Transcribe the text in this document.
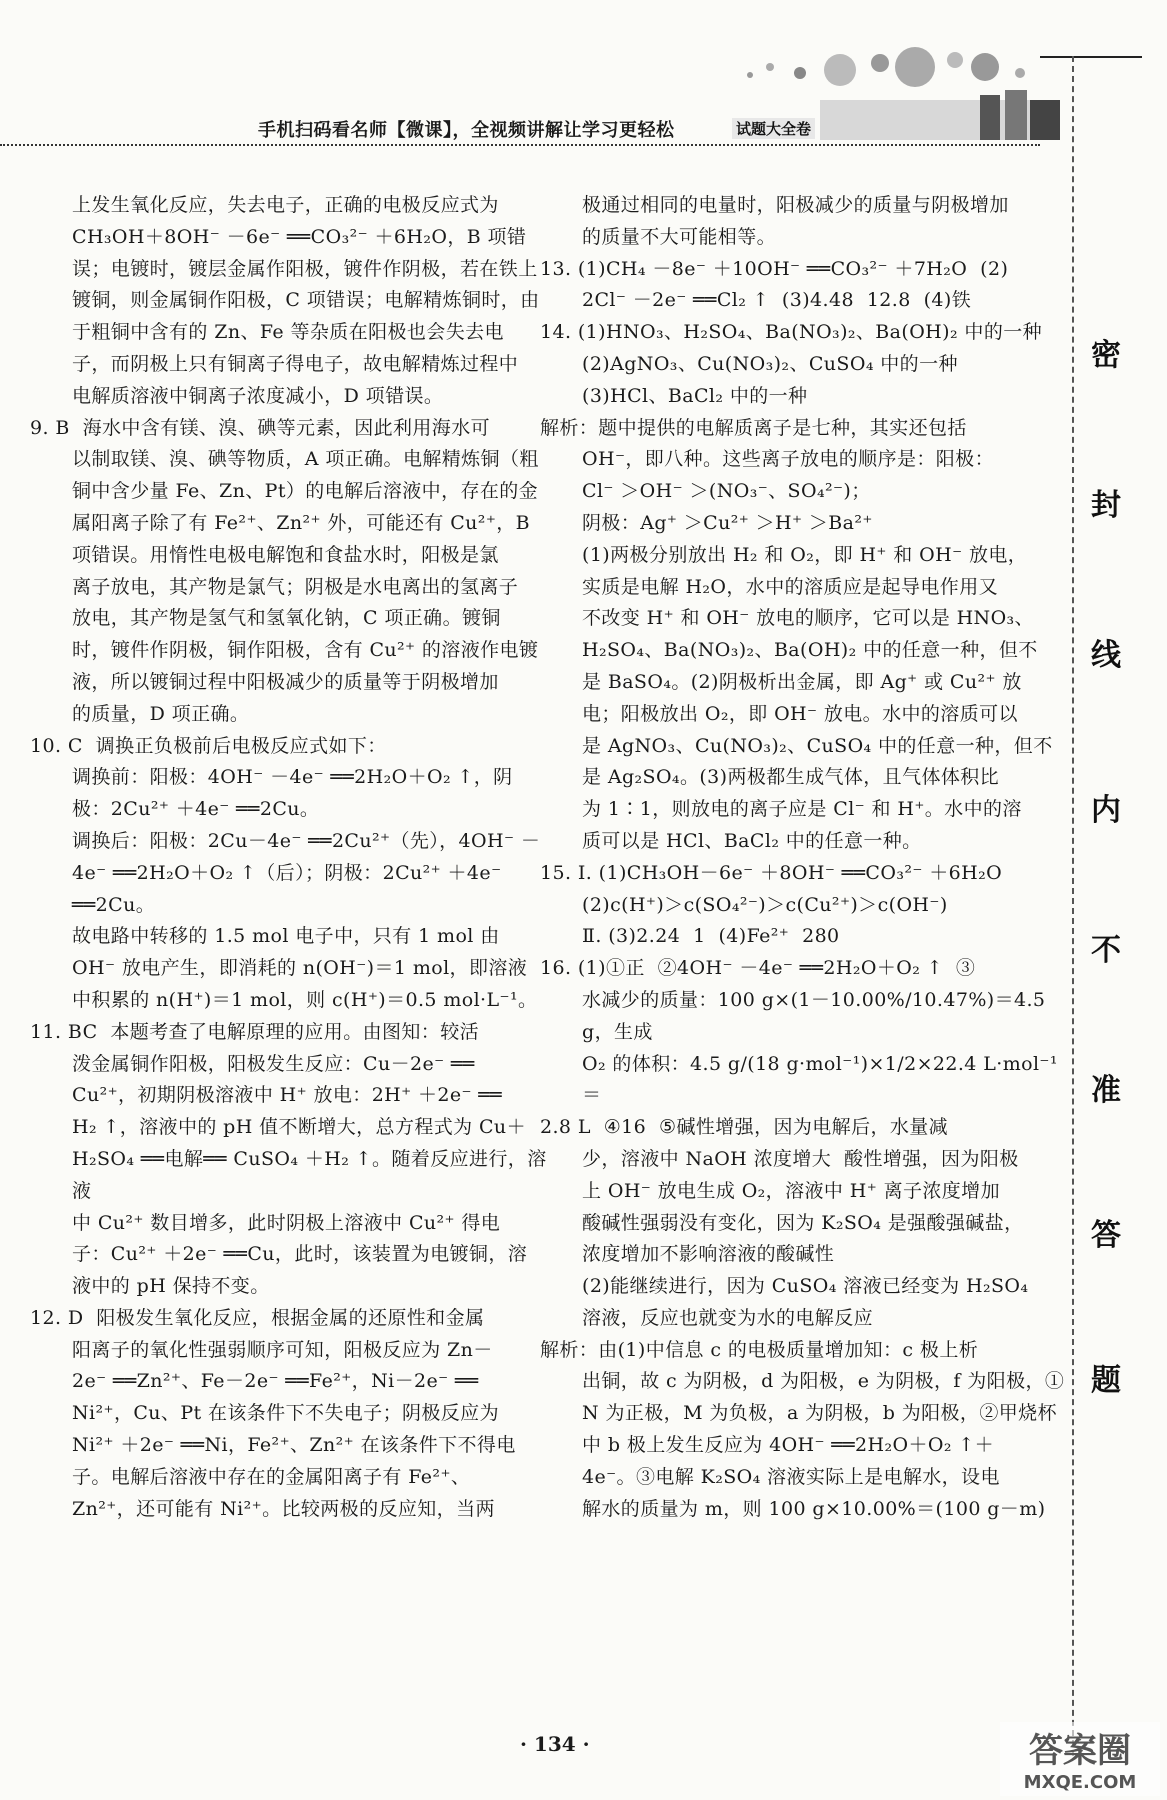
手机扫码看名师【微课】，全视频讲解让学习更轻松	试题大全卷

上发生氧化反应，失去电子，正确的电极反应式为

CH₃OH＋8OH⁻ －6e⁻ ══CO₃²⁻ ＋6H₂O，B 项错

误；电镀时，镀层金属作阳极，镀件作阴极，若在铁上

镀铜，则金属铜作阳极，C 项错误；电解精炼铜时，由

于粗铜中含有的 Zn、Fe 等杂质在阳极也会失去电

子，而阴极上只有铜离子得电子，故电解精炼过程中

电解质溶液中铜离子浓度减小，D 项错误。

9. B  海水中含有镁、溴、碘等元素，因此利用海水可

以制取镁、溴、碘等物质，A 项正确。电解精炼铜（粗

铜中含少量 Fe、Zn、Pt）的电解后溶液中，存在的金

属阳离子除了有 Fe²⁺、Zn²⁺ 外，可能还有 Cu²⁺，B

项错误。用惰性电极电解饱和食盐水时，阳极是氯

离子放电，其产物是氯气；阴极是水电离出的氢离子

放电，其产物是氢气和氢氧化钠，C 项正确。镀铜

时，镀件作阴极，铜作阳极，含有 Cu²⁺ 的溶液作电镀

液，所以镀铜过程中阳极减少的质量等于阴极增加

的质量，D 项正确。

10. C  调换正负极前后电极反应式如下：

调换前：阳极：4OH⁻ －4e⁻ ══2H₂O＋O₂ ↑，阴

极：2Cu²⁺ ＋4e⁻ ══2Cu。

调换后：阳极：2Cu－4e⁻ ══2Cu²⁺（先），4OH⁻ －

4e⁻ ══2H₂O＋O₂ ↑（后）；阴极：2Cu²⁺ ＋4e⁻

══2Cu。

故电路中转移的 1.5 mol 电子中，只有 1 mol 由

OH⁻ 放电产生，即消耗的 n(OH⁻)＝1 mol，即溶液

中积累的 n(H⁺)＝1 mol，则 c(H⁺)＝0.5 mol·L⁻¹。

11. BC  本题考查了电解原理的应用。由图知：较活

泼金属铜作阳极，阳极发生反应：Cu－2e⁻ ══

Cu²⁺，初期阴极溶液中 H⁺ 放电：2H⁺ ＋2e⁻ ══

H₂ ↑，溶液中的 pH 值不断增大，总方程式为 Cu＋

H₂SO₄ ══电解══ CuSO₄ ＋H₂ ↑。随着反应进行，溶液

中 Cu²⁺ 数目增多，此时阴极上溶液中 Cu²⁺ 得电

子：Cu²⁺ ＋2e⁻ ══Cu，此时，该装置为电镀铜，溶

液中的 pH 保持不变。

12. D  阳极发生氧化反应，根据金属的还原性和金属

阳离子的氧化性强弱顺序可知，阳极反应为 Zn－

2e⁻ ══Zn²⁺、Fe－2e⁻ ══Fe²⁺，Ni－2e⁻ ══

Ni²⁺，Cu、Pt 在该条件下不失电子；阴极反应为

Ni²⁺ ＋2e⁻ ══Ni，Fe²⁺、Zn²⁺ 在该条件下不得电

子。电解后溶液中存在的金属阳离子有 Fe²⁺、

Zn²⁺，还可能有 Ni²⁺。比较两极的反应知，当两

极通过相同的电量时，阳极减少的质量与阴极增加

的质量不大可能相等。

13. (1)CH₄ －8e⁻ ＋10OH⁻ ══CO₃²⁻ ＋7H₂O  (2)

2Cl⁻ －2e⁻ ══Cl₂ ↑  (3)4.48  12.8  (4)铁

14. (1)HNO₃、H₂SO₄、Ba(NO₃)₂、Ba(OH)₂ 中的一种

(2)AgNO₃、Cu(NO₃)₂、CuSO₄ 中的一种

(3)HCl、BaCl₂ 中的一种

解析：题中提供的电解质离子是七种，其实还包括

OH⁻，即八种。这些离子放电的顺序是：阳极：

Cl⁻ ＞OH⁻ ＞(NO₃⁻、SO₄²⁻)；

阴极：Ag⁺ ＞Cu²⁺ ＞H⁺ ＞Ba²⁺

(1)两极分别放出 H₂ 和 O₂，即 H⁺ 和 OH⁻ 放电，

实质是电解 H₂O，水中的溶质应是起导电作用又

不改变 H⁺ 和 OH⁻ 放电的顺序，它可以是 HNO₃、

H₂SO₄、Ba(NO₃)₂、Ba(OH)₂ 中的任意一种，但不

是 BaSO₄。(2)阴极析出金属，即 Ag⁺ 或 Cu²⁺ 放

电；阳极放出 O₂，即 OH⁻ 放电。水中的溶质可以

是 AgNO₃、Cu(NO₃)₂、CuSO₄ 中的任意一种，但不

是 Ag₂SO₄。(3)两极都生成气体，且气体体积比

为 1∶1，则放电的离子应是 Cl⁻ 和 H⁺。水中的溶

质可以是 HCl、BaCl₂ 中的任意一种。

15. Ⅰ. (1)CH₃OH－6e⁻ ＋8OH⁻ ══CO₃²⁻ ＋6H₂O

(2)c(H⁺)＞c(SO₄²⁻)＞c(Cu²⁺)＞c(OH⁻)

Ⅱ. (3)2.24  1  (4)Fe²⁺  280

16. (1)①正  ②4OH⁻ －4e⁻ ══2H₂O＋O₂ ↑  ③

水减少的质量：100 g×(1－10.00%/10.47%)＝4.5 g，生成

O₂ 的体积：4.5 g/(18 g·mol⁻¹)×1/2×22.4 L·mol⁻¹＝

2.8 L  ④16  ⑤碱性增强，因为电解后，水量减

少，溶液中 NaOH 浓度增大  酸性增强，因为阳极

上 OH⁻ 放电生成 O₂，溶液中 H⁺ 离子浓度增加

酸碱性强弱没有变化，因为 K₂SO₄ 是强酸强碱盐，

浓度增加不影响溶液的酸碱性

(2)能继续进行，因为 CuSO₄ 溶液已经变为 H₂SO₄

溶液，反应也就变为水的电解反应

解析：由(1)中信息 c 的电极质量增加知：c 极上析

出铜，故 c 为阴极，d 为阳极，e 为阴极，f 为阳极，①

N 为正极，M 为负极，a 为阴极，b 为阳极，②甲烧杯

中 b 极上发生反应为 4OH⁻ ══2H₂O＋O₂ ↑＋

4e⁻。③电解 K₂SO₄ 溶液实际上是电解水，设电

解水的质量为 m，则 100 g×10.00%＝(100 g－m)

密
封
线
内
不
准
答
题
· 134 ·	答案圈
MXQE.COM
